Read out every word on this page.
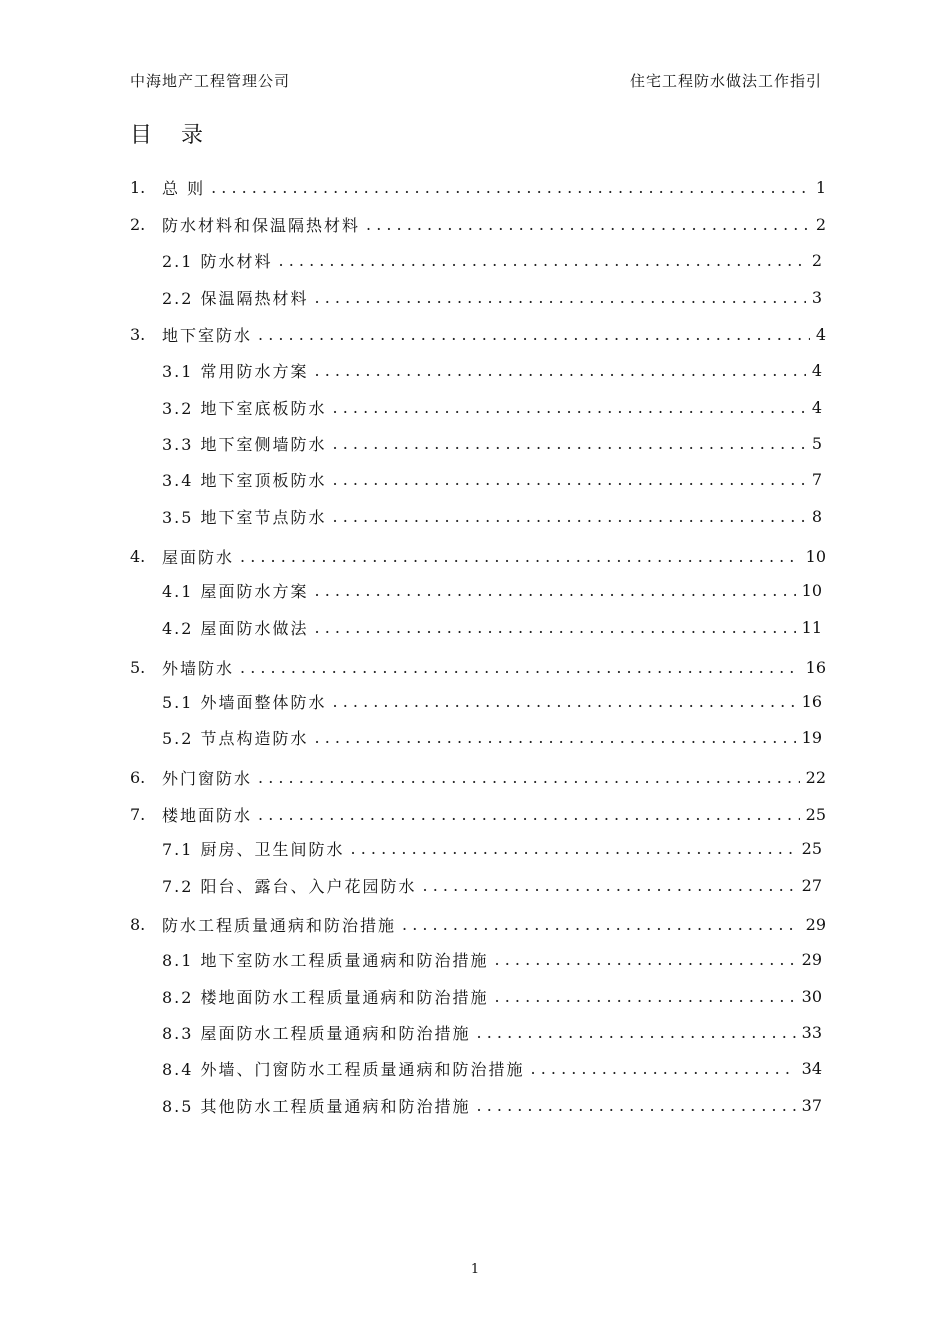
中海地产工程管理公司	住宅工程防水做法工作指引
目 录
1.	总 则 . . .	1
2.	防水材料和保温隔热材料 . . .	2
2.1 防水材料 . .	2
2.2 保温隔热材料 . .	3
3.	地下室防水 . . .	4
3.1 常用防水方案 . .	4
3.2 地下室底板防水 . .	4
3.3 地下室侧墙防水 . .	5
3.4 地下室顶板防水 . .	7
3.5 地下室节点防水 . .	8
4.	屋面防水 . . .	10
4.1 屋面防水方案 . .	10
4.2 屋面防水做法 . .	11
5.	外墙防水 . . .	16
5.1 外墙面整体防水 . .	16
5.2 节点构造防水 . .	19
6.	外门窗防水 . . .	22
7.	楼地面防水 . . .	25
7.1 厨房、卫生间防水 . .	25
7.2 阳台、露台、入户花园防水 . .	27
8.	防水工程质量通病和防治措施 . . .	29
8.1 地下室防水工程质量通病和防治措施 . .	29
8.2 楼地面防水工程质量通病和防治措施 . .	30
8.3 屋面防水工程质量通病和防治措施 . .	33
8.4 外墙、门窗防水工程质量通病和防治措施 . .	34
8.5 其他防水工程质量通病和防治措施 . .	37
1
